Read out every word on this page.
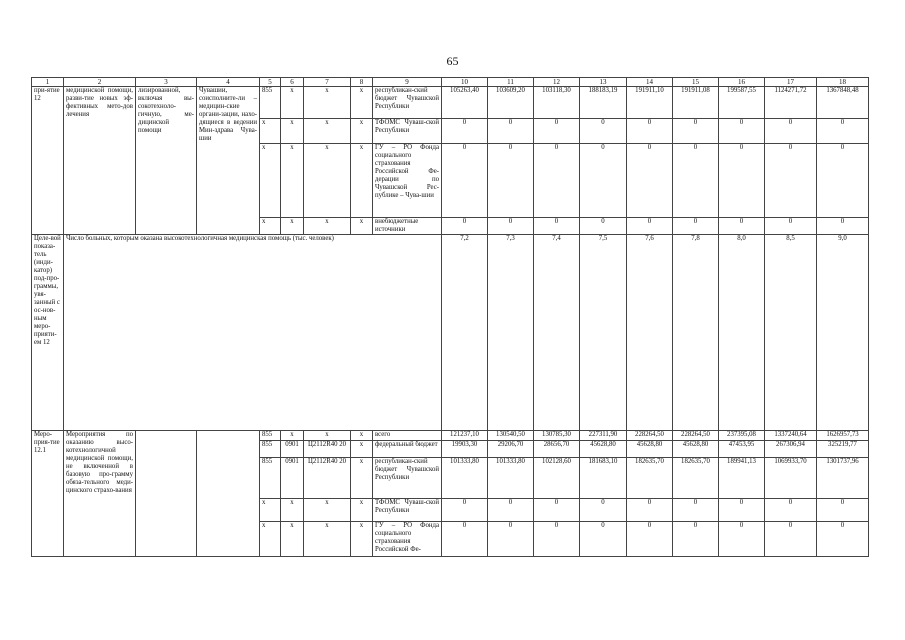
65
1	2	3	4	5	6	7	8	9	10	11	12	13	14	15	16	17	18
при-ятие 12	медицинской помощи, разви-тие новых эф-фективных мето-дов лечения	лизированной, включая вы-сокотехноло-гичную, ме-дицинской помощи	Чувашии, соисполните-ли – медицин-ские органи-зации, нахо-дящиеся в ведении Мин-здрава Чува-шии	855	x	x	x	республикан-ский бюджет Чувашской Республики	105263,40	103609,20	103118,30	188183,19	191911,10	191911,08	199587,55	1124271,72	1367848,48
				x	x	x	x	ТФОМС Чуваш-ской Республики	0	0	0	0	0	0	0	0	0
				x	x	x	x	ГУ – РО Фонда социального страхования Российской Фе-дерации по Чувашской Рес-публике – Чува-шии	0	0	0	0	0	0	0	0	0
				x	x	x	x	внебюджетные источники	0	0	0	0	0	0	0	0	0
Целе-вой показа-тель (инди-катор) под-про-граммы, увя-занный с ос-нов-ным меро-прияти-ем 12	Число больных, которым оказана высокотехнологичная медицинская помощь (тыс. человек)								7,2	7,3	7,4	7,5	7,6	7,8	8,0	8,5	9,0
Меро-прия-тие 12.1	Мероприятия по оказанию высо-котехнологичной медицинской помощи, не включенной в базовую про-грамму обяза-тельного меди-цинского страхо-вания			855	x	x	x	всего	121237,10	130540,50	130785,30	227311,90	228264,50	228264,50	237395,08	1337240,64	1626957,73
				855	0901	Ц2112R40 20	x	федеральный бюджет	19903,30	29206,70	28656,70	45628,80	45628,80	45628,80	47453,95	267306,94	325219,77
				855	0901	Ц2112R40 20	x	республикан-ский бюджет Чувашской Республики	101333,80	101333,80	102128,60	181683,10	182635,70	182635,70	189941,13	1069933,70	1301737,96
				x	x	x	x	ТФОМС Чуваш-ской Республики	0	0	0	0	0	0	0	0	0
				x	x	x	x	ГУ – РО Фонда социального страхования Российской Фе-	0	0	0	0	0	0	0	0	0
